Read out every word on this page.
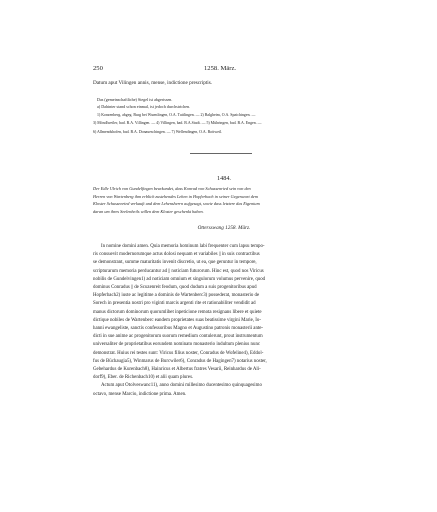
250	1258. März.
Datum aput Vilingen annis, mense, indictione prescriptis.
Das (gemeinschaftliche) Siegel ist abgerissen.
a) Dahinter stand schon einmal, ist jedoch durchstrichen.
1) Konzenberg, abgeg. Burg bei Wurmlingen, O.A. Tuttlingen. — 2) Balgheim, O.A. Spaichingen. —
3) Möndlweiler, bad. B.A. Villingen. — 4) Villingen, bad. B.A.Stadt. — 5) Mühringen, bad. B.A. Engen. —
6) Allmendshofen, bad. B.A. Donaueschingen. — 7) Wellendingen, O.A. Rottweil.
1484.
Der Edle Ulrich von Gundelfingen beurkundet, dass Konrad von Schussenried sein von den
Herren von Wartenberg ihm erblich zustehendes Lehen in Hopferbach in seiner Gegenwart dem
Kloster Schussenried verkauft und dem Lehensherrn aufgesagt, sowie dass letztere das Eigentum
daran um ihres Seelenheils willen dem Kloster geschenkt haben.
Ottersswang 1258. März.
In nomine domini amen. Quia memoria hominum labi frequenter cum lapsu tempo-
ris consuevit modernorumque actus dolosi nequam et variabiles || in suis contractibus
se demonstrant, summe maturitatis invenit discretio, ut ea, que geruntur in tempore,
scripturarum memoria perducantur ad || noticiam futurorum. Hinc est, quod nos Viricus
nobilis de Gundelvingen1) ad noticiam omnium et singulorum volumus pervenire, quod
dominus Conradus || de Scuzenreit feodum, quod dudum a suis progenitoribus apud
Hopferbach2) iuste ac legitime a dominis de Wartenberc3) possederat, monasterio de
Sorech in presentia nostri pro viginti marcis argenti rite et rationabiliter vendidit ad
manus dictorum dominorum quorumlibet inpeticione remota resignans libere et quiete
dictique nobiles de Wartenberc eandem proprietates suas beatissime virgini Marie, Io-
hanni ewangeliste, sanctis confessoribus Magno et Augustino patronis monasterii ante-
dicti in sue anime ac progenitorum suorum remedium contulerunt, prout instrumentum
universaliter de proprietatibus eorundem nominato monasterio indultum plenius nunc
demonstrat. Huius rei testes sunt: Viricus filius noster, Conradus de Wofeline4), Eddol-
fus de Büchaugia5), Winmarus de Burcwiler6), Conradus de Hagingen7) notarius noster,
Gebehardus de Kurenbach8), Hainricus et Albertus fratres Vesarii, Reinhardus de Ali-
dorf9), Eber. de Richenbach10) et alii quam plures.
Actum aput Otolveswanc11), anno domini millesimo ducentesimo quinquagesimo
octavo, mense Marcio, indictione prima. Amen.
